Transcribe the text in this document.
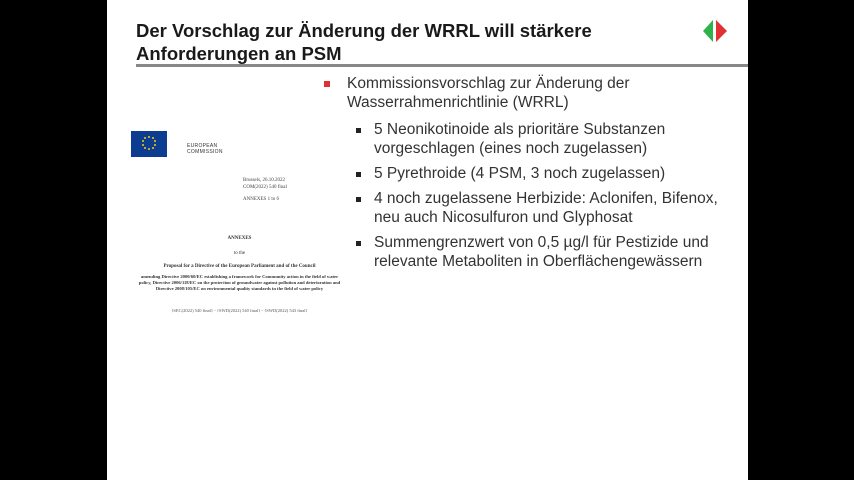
Der Vorschlag zur Änderung der WRRL will stärkere Anforderungen an PSM
EUROPEAN
COMMISSION
Brussels, 26.10.2022
COM(2022) 540 final
ANNEXES 1 to 6
ANNEXES
to the
Proposal for a Directive of the European Parliament and of the Council
amending Directive 2000/60/EC establishing a framework for Community action in the field of water policy, Directive 2006/118/EC on the protection of groundwater against pollution and deterioration and Directive 2008/105/EC on environmental quality standards in the field of water policy
{SEC(2022) 540 final} - {SWD(2022) 540 final} - {SWD(2022) 543 final}

Kommissionsvorschlag zur Änderung der Wasserrahmenrichtlinie (WRRL)

5 Neonikotinoide als prioritäre Substanzen vorgeschlagen (eines noch zugelassen)

5 Pyrethroide (4 PSM, 3 noch zugelassen)

4 noch zugelassene Herbizide: Aclonifen, Bifenox, neu auch Nicosulfuron und Glyphosat

Summengrenzwert von 0,5 µg/l für Pestizide und relevante Metaboliten in Oberflächengewässern
